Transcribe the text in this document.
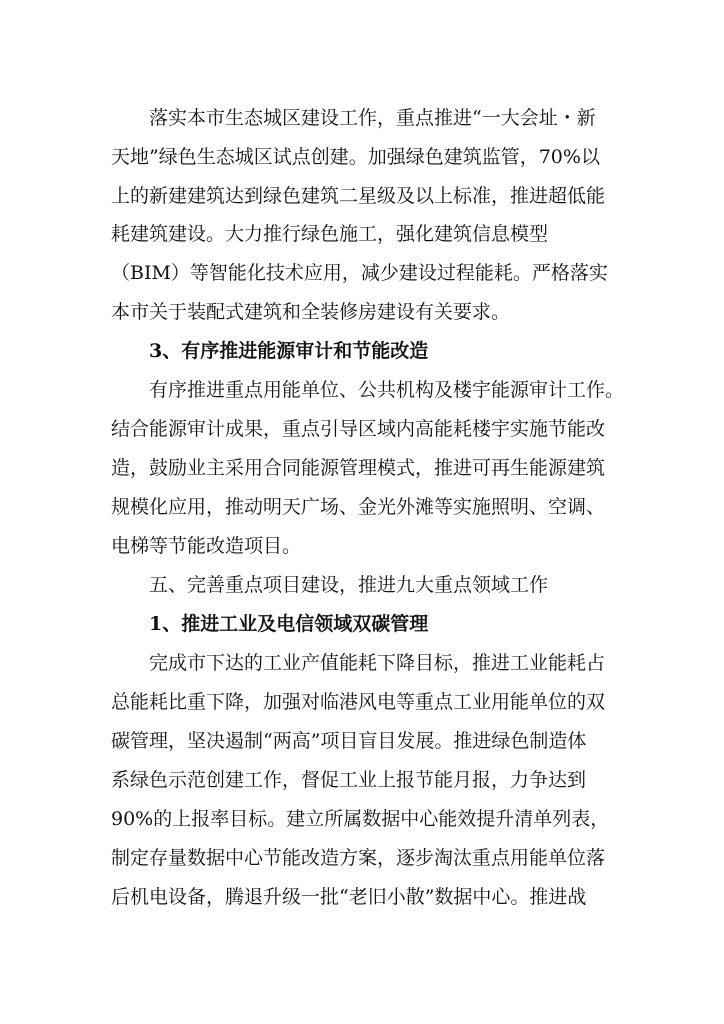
落实本市生态城区建设工作，重点推进“一大会址・新
天地”绿色生态城区试点创建。加强绿色建筑监管，70%以
上的新建建筑达到绿色建筑二星级及以上标准，推进超低能
耗建筑建设。大力推行绿色施工，强化建筑信息模型
（BIM）等智能化技术应用，减少建设过程能耗。严格落实
本市关于装配式建筑和全装修房建设有关要求。
3、有序推进能源审计和节能改造
有序推进重点用能单位、公共机构及楼宇能源审计工作。
结合能源审计成果，重点引导区域内高能耗楼宇实施节能改
造，鼓励业主采用合同能源管理模式，推进可再生能源建筑
规模化应用，推动明天广场、金光外滩等实施照明、空调、
电梯等节能改造项目。
五、完善重点项目建设，推进九大重点领域工作
1、推进工业及电信领域双碳管理
完成市下达的工业产值能耗下降目标，推进工业能耗占
总能耗比重下降，加强对临港风电等重点工业用能单位的双
碳管理，坚决遏制“两高”项目盲目发展。推进绿色制造体
系绿色示范创建工作，督促工业上报节能月报，力争达到
90%的上报率目标。建立所属数据中心能效提升清单列表，
制定存量数据中心节能改造方案，逐步淘汰重点用能单位落
后机电设备，腾退升级一批“老旧小散”数据中心。推进战
